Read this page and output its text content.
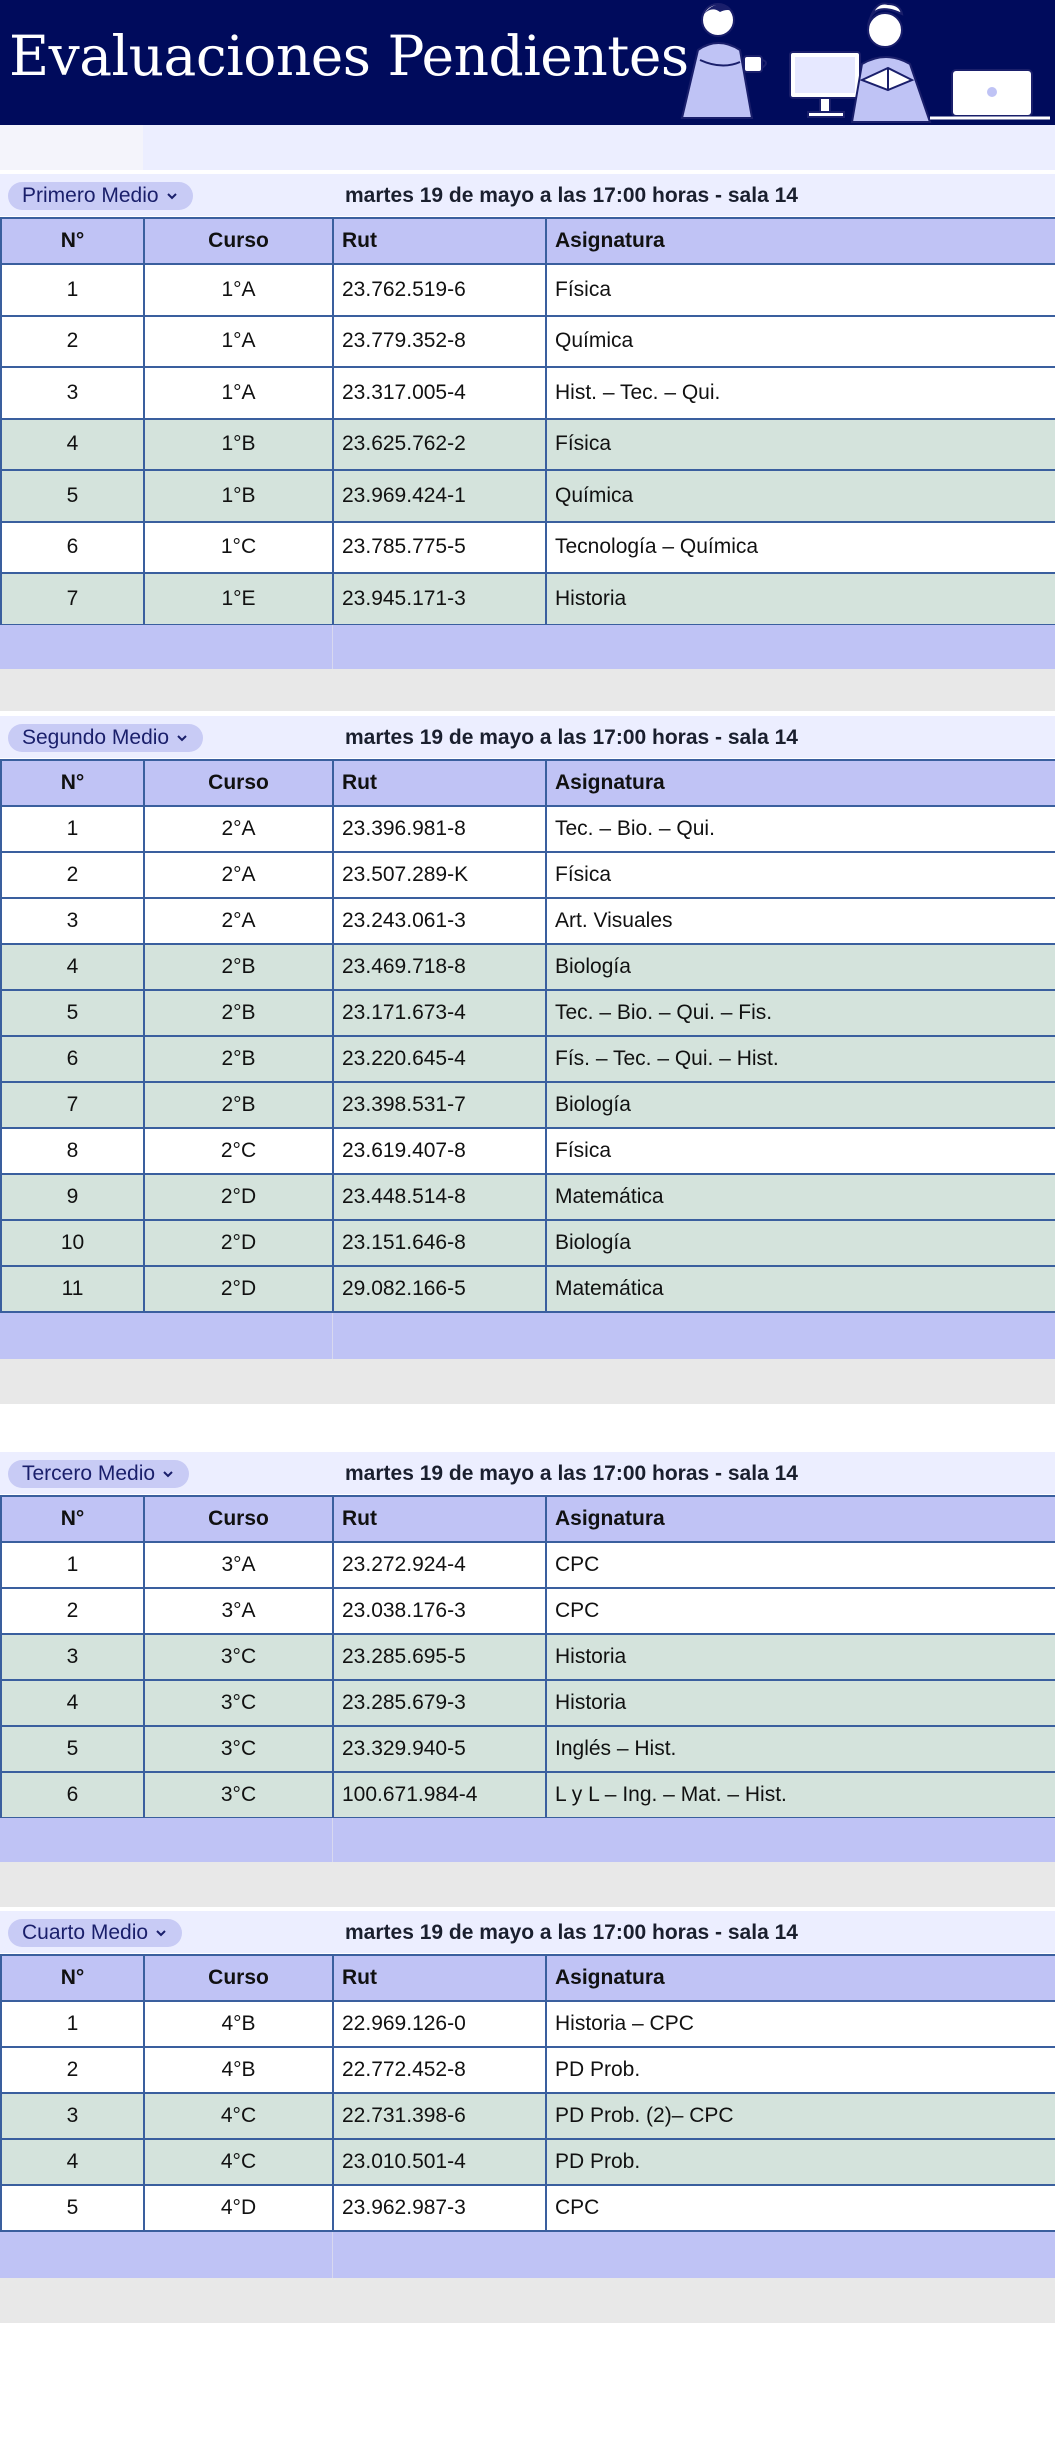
Evaluaciones Pendientes
Primero Medio	martes 19 de mayo a las 17:00 horas - sala 14
N°	Curso	Rut	Asignatura
1	1°A	23.762.519-6	Física
2	1°A	23.779.352-8	Química
3	1°A	23.317.005-4	Hist. – Tec. – Qui.
4	1°B	23.625.762-2	Física
5	1°B	23.969.424-1	Química
6	1°C	23.785.775-5	Tecnología – Química
7	1°E	23.945.171-3	Historia
Segundo Medio	martes 19 de mayo a las 17:00 horas - sala 14
N°	Curso	Rut	Asignatura
1	2°A	23.396.981-8	Tec. – Bio. – Qui.
2	2°A	23.507.289-K	Física
3	2°A	23.243.061-3	Art. Visuales
4	2°B	23.469.718-8	Biología
5	2°B	23.171.673-4	Tec. – Bio. – Qui. – Fis.
6	2°B	23.220.645-4	Fís. – Tec. – Qui. – Hist.
7	2°B	23.398.531-7	Biología
8	2°C	23.619.407-8	Física
9	2°D	23.448.514-8	Matemática
10	2°D	23.151.646-8	Biología
11	2°D	29.082.166-5	Matemática
Tercero Medio	martes 19 de mayo a las 17:00 horas - sala 14
N°	Curso	Rut	Asignatura
1	3°A	23.272.924-4	CPC
2	3°A	23.038.176-3	CPC
3	3°C	23.285.695-5	Historia
4	3°C	23.285.679-3	Historia
5	3°C	23.329.940-5	Inglés – Hist.
6	3°C	100.671.984-4	L y L – Ing. – Mat. – Hist.
Cuarto Medio	martes 19 de mayo a las 17:00 horas - sala 14
N°	Curso	Rut	Asignatura
1	4°B	22.969.126-0	Historia – CPC
2	4°B	22.772.452-8	PD Prob.
3	4°C	22.731.398-6	PD Prob. (2)– CPC
4	4°C	23.010.501-4	PD Prob.
5	4°D	23.962.987-3	CPC
